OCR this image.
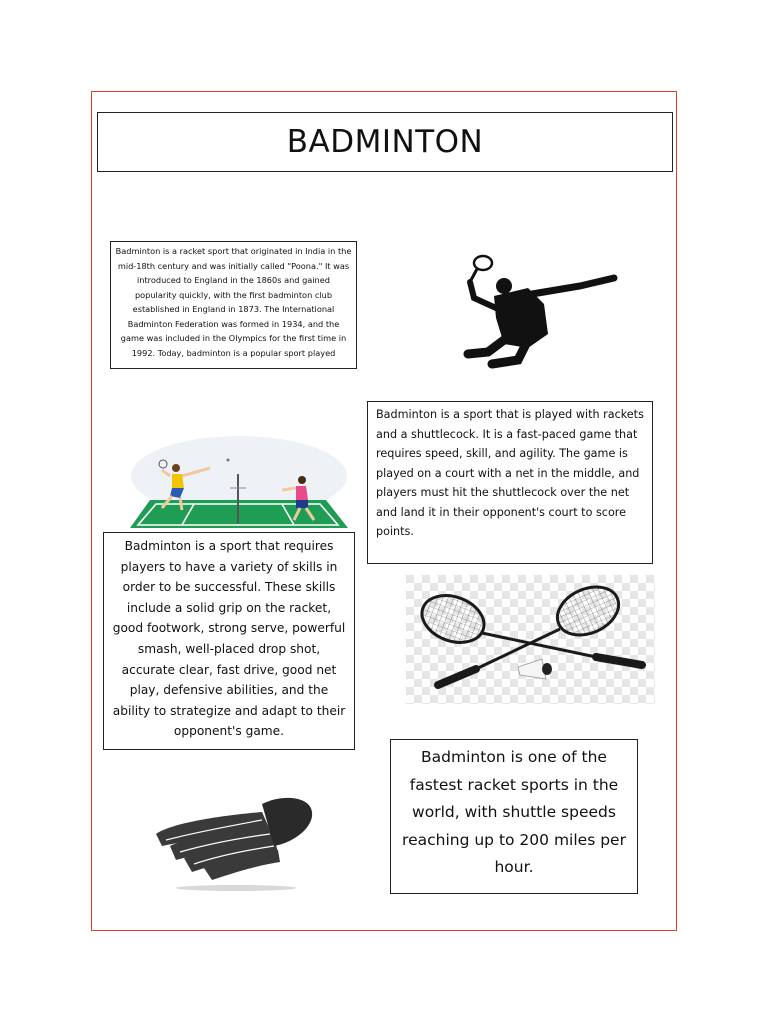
BADMINTON
Badminton is a racket sport that originated in India in the mid-18th century and was initially called "Poona." It was introduced to England in the 1860s and gained popularity quickly, with the first badminton club established in England in 1873. The International Badminton Federation was formed in 1934, and the game was included in the Olympics for the first time in 1992. Today, badminton is a popular sport played
Badminton is a sport that is played with rackets and a shuttlecock. It is a fast-paced game that requires speed, skill, and agility. The game is played on a court with a net in the middle, and players must hit the shuttlecock over the net and land it in their opponent's court to score points.
Badminton is a sport that requires players to have a variety of skills in order to be successful. These skills include a solid grip on the racket, good footwork, strong serve, powerful smash, well-placed drop shot, accurate clear, fast drive, good net play, defensive abilities, and the ability to strategize and adapt to their opponent's game.
Badminton is one of the fastest racket sports in the world, with shuttle speeds reaching up to 200 miles per hour.
